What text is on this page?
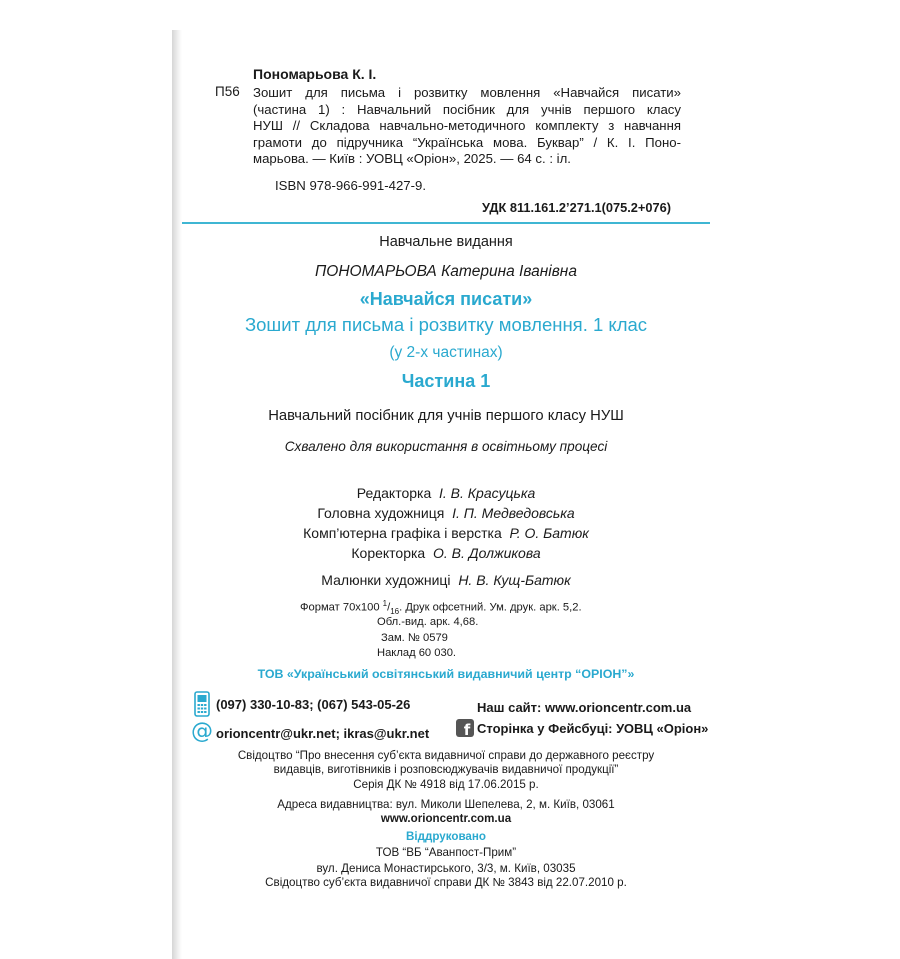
Пономарьова К. І.
П56 Зошит для письма і розвитку мовлення «Навчайся писати»
(частина 1) : Навчальний посібник для учнів першого класу
НУШ // Складова навчально-методичного комплекту з навчання
грамоти до підручника “Українська мова. Буквар” / К. І. Поно-
марьова. — Київ : УОВЦ «Оріон», 2025. — 64 с. : іл.
ISBN 978-966-991-427-9.
УДК 811.161.2’271.1(075.2+076)
Навчальне видання
ПОНОМАРЬОВА Катерина Іванівна
«Навчайся писати»
Зошит для письма і розвитку мовлення. 1 клас
(у 2-х частинах)
Частина 1
Навчальний посібник для учнів першого класу НУШ
Схвалено для використання в освітньому процесі
Редакторка І. В. Красуцька
Головна художниця І. П. Медведовська
Комп’ютерна графіка і верстка Р. О. Батюк
Коректорка О. В. Должикова
Малюнки художниці Н. В. Кущ-Батюк
Формат 70х100 $^1/_{16}$. Друк офсетний. Ум. друк. арк. 5,2.
Обл.-вид. арк. 4,68.
Зам. № 0579
Наклад 60 030.
ТОВ «Український освітянський видавничий центр “ОРІОН”»
(097) 330-10-83; (067) 543-05-26
@ orioncentr@ukr.net; ikras@ukr.net
Наш сайт: www.orioncentr.com.ua
f Сторінка у Фейсбуці: УОВЦ «Оріон»
Свідоцтво “Про внесення суб’єкта видавничої справи до державного реєстру
видавців, виготівників і розповсюджувачів видавничої продукції”
Серія ДК № 4918 від 17.06.2015 р.
Адреса видавництва: вул. Миколи Шепелева, 2, м. Київ, 03061
www.orioncentr.com.ua
Віддруковано
ТОВ “ВБ “Аванпост-Прим”
вул. Дениса Монастирського, 3/3, м. Київ, 03035
Свідоцтво суб’єкта видавничої справи ДК № 3843 від 22.07.2010 р.
